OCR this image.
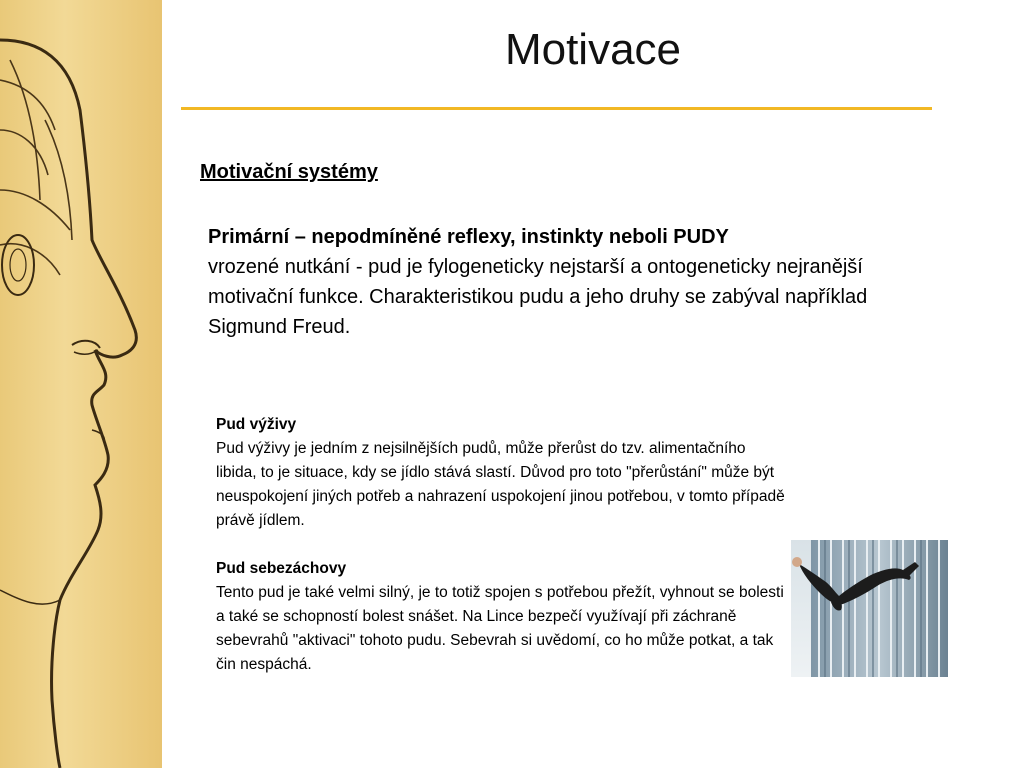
Motivace
Motivační systémy
Primární – nepodmíněné reflexy, instinkty neboli PUDY
vrozené nutkání - pud je fylogeneticky nejstarší a ontogeneticky nejranější motivační funkce. Charakteristikou pudu a jeho druhy se zabýval například Sigmund Freud.
Pud výživy
Pud výživy je jedním z nejsilnějších pudů, může přerůst do tzv. alimentačního libida, to je situace, kdy se jídlo stává slastí. Důvod pro toto "přerůstání" může být neuspokojení jiných potřeb a nahrazení uspokojení jinou potřebou, v tomto případě právě jídlem.
Pud sebezáchovy
Tento pud je také velmi silný, je to totiž spojen s potřebou přežít, vyhnout se bolesti a také se schopností bolest snášet. Na Lince bezpečí využívají při záchraně sebevrahů "aktivaci" tohoto pudu. Sebevrah si uvědomí, co ho může potkat, a tak čin nespáchá.
